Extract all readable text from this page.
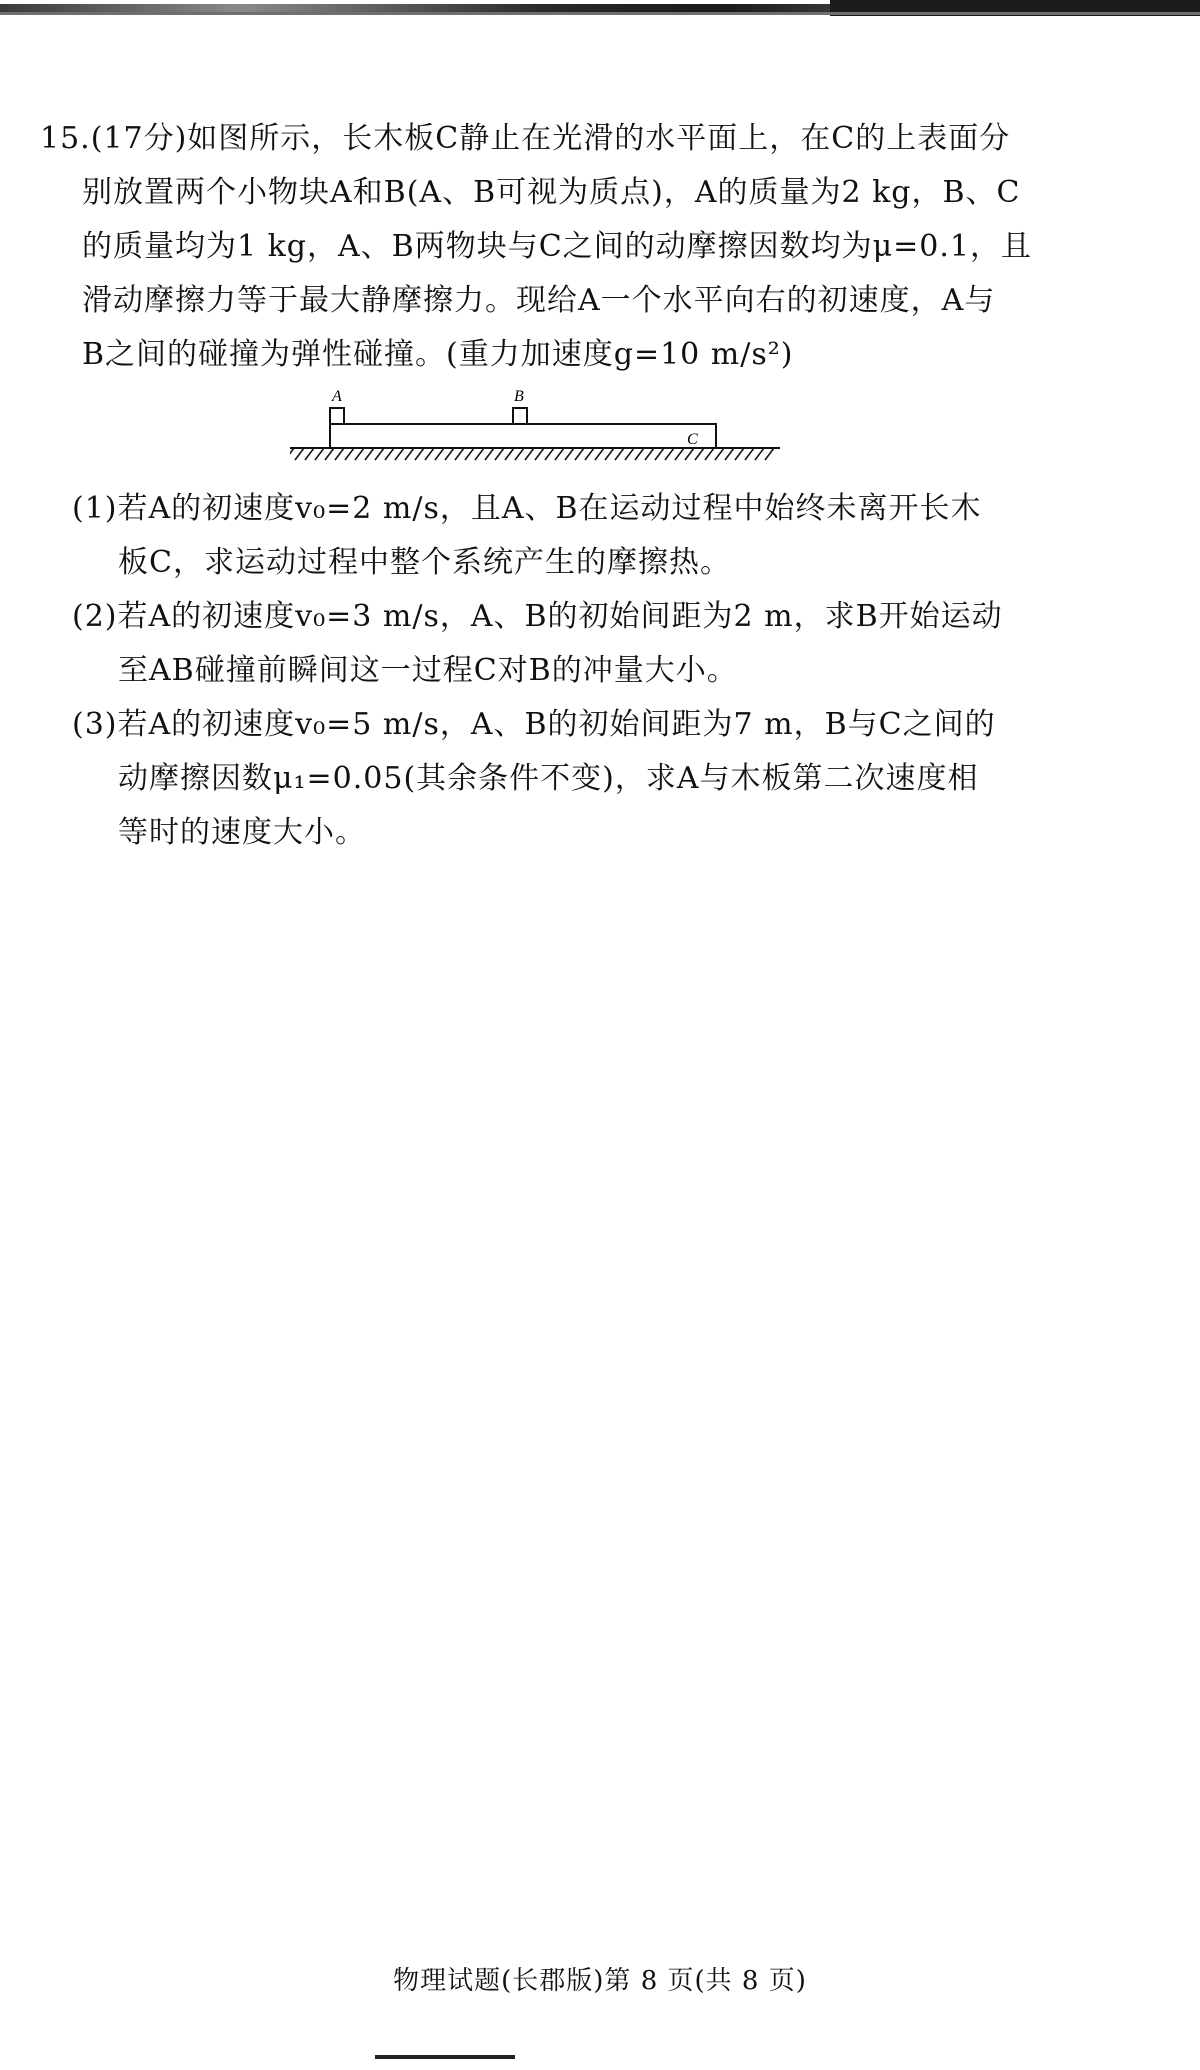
15.(17分)如图所示，长木板C静止在光滑的水平面上，在C的上表面分

别放置两个小物块A和B(A、B可视为质点)，A的质量为2 kg，B、C

的质量均为1 kg，A、B两物块与C之间的动摩擦因数均为μ=0.1，且

滑动摩擦力等于最大静摩擦力。现给A一个水平向右的初速度，A与

B之间的碰撞为弹性碰撞。(重力加速度g=10 m/s²)

A	B
C

(1)若A的初速度v₀=2 m/s，且A、B在运动过程中始终未离开长木

板C，求运动过程中整个系统产生的摩擦热。

(2)若A的初速度v₀=3 m/s，A、B的初始间距为2 m，求B开始运动

至AB碰撞前瞬间这一过程C对B的冲量大小。

(3)若A的初速度v₀=5 m/s，A、B的初始间距为7 m，B与C之间的

动摩擦因数μ₁=0.05(其余条件不变)，求A与木板第二次速度相

等时的速度大小。

物理试题(长郡版)第 8 页(共 8 页)
